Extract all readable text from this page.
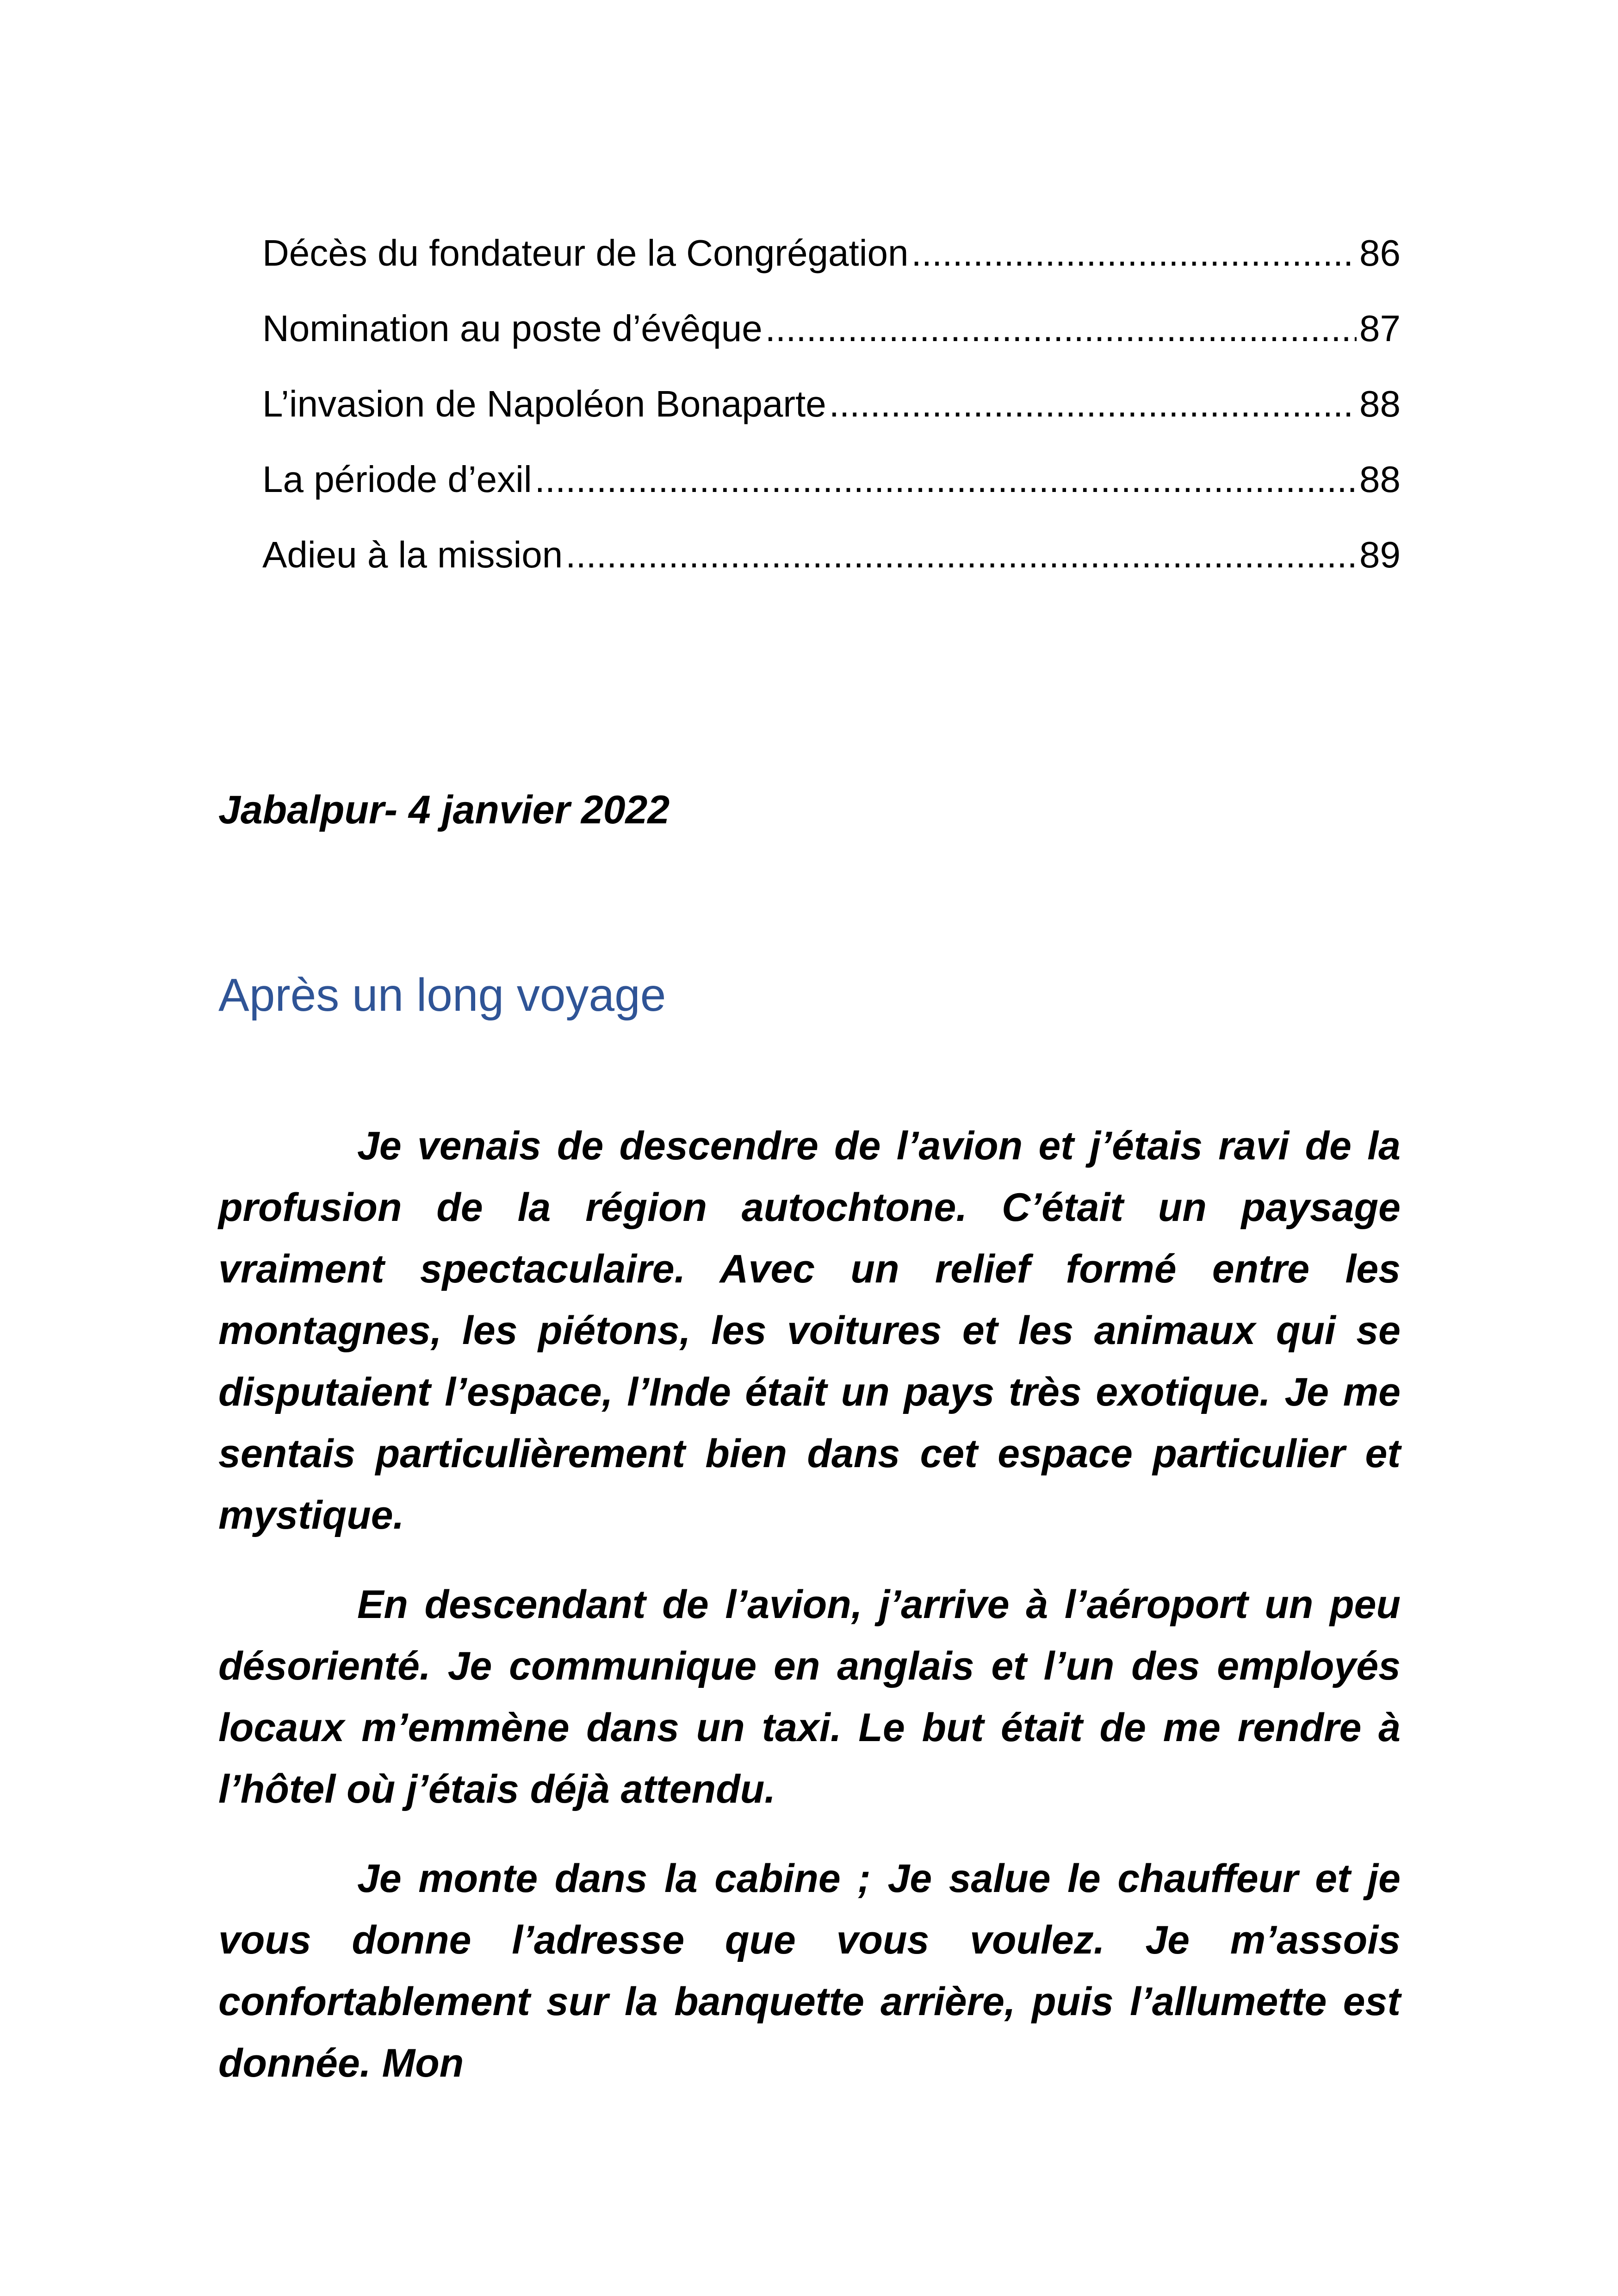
Décès du fondateur de la Congrégation .....	86
Nomination au poste d’évêque .....	87
L’invasion de Napoléon Bonaparte .....	88
La période d’exil .....	88
Adieu à la mission .....	89
Jabalpur- 4 janvier 2022
Après un long voyage

Je venais de descendre de l’avion et j’étais ravi de la profusion de la région autochtone. C’était un paysage vraiment spectaculaire. Avec un relief formé entre les montagnes, les piétons, les voitures et les animaux qui se disputaient l’espace, l’Inde était un pays très exotique. Je me sentais particulièrement bien dans cet espace particulier et mystique.

En descendant de l’avion, j’arrive à l’aéroport un peu désorienté. Je communique en anglais et l’un des employés locaux m’emmène dans un taxi. Le but était de me rendre à l’hôtel où j’étais déjà attendu.

Je monte dans la cabine ; Je salue le chauffeur et je vous donne l’adresse que vous voulez. Je m’assois confortablement sur la banquette arrière, puis l’allumette est donnée. Mon
